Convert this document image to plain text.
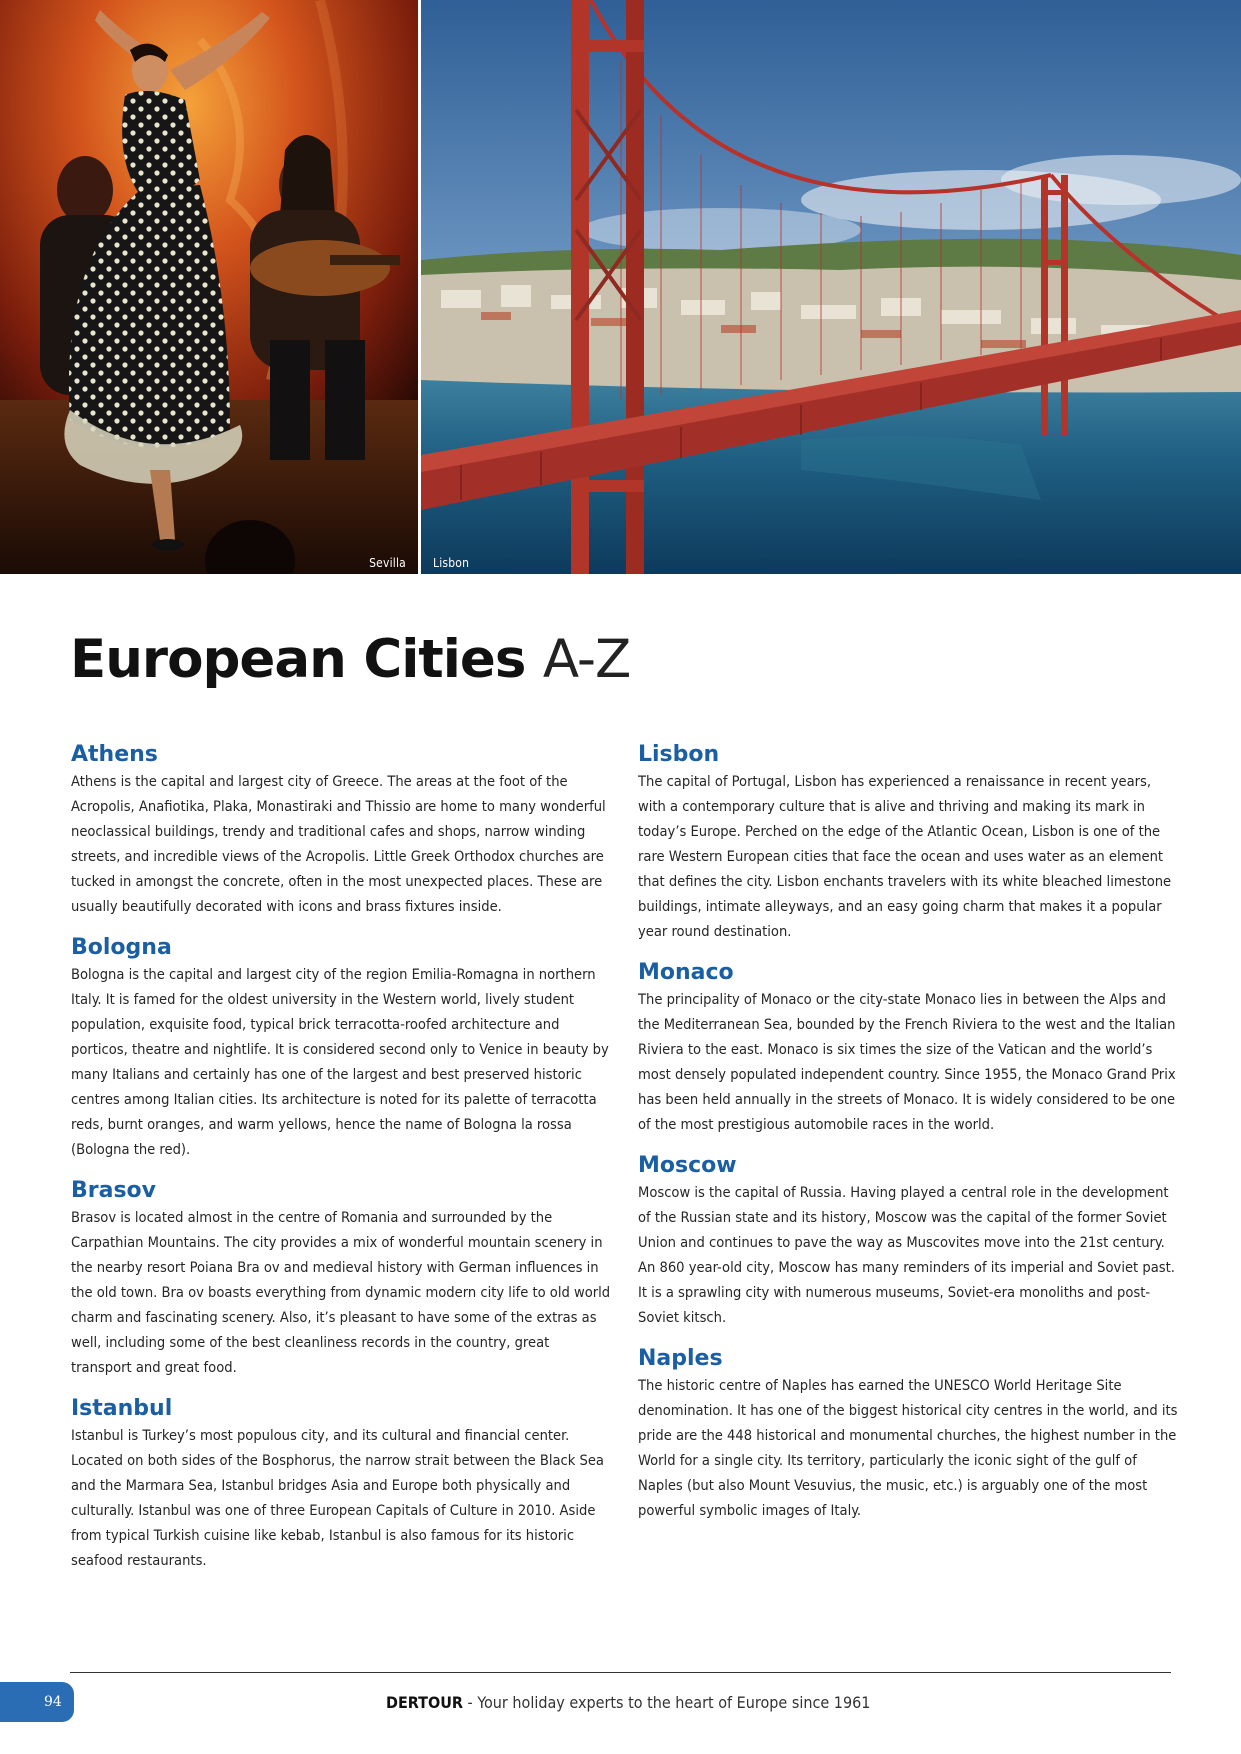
Sevilla Lisbon
European Cities A-Z
Athens

Athens is the capital and largest city of Greece. The areas at the foot of the Acropolis, Anafiotika, Plaka, Monastiraki and Thissio are home to many wonderful neoclassical buildings, trendy and traditional cafes and shops, narrow winding streets, and incredible views of the Acropolis. Little Greek Orthodox churches are tucked in amongst the concrete, often in the most unexpected places. These are usually beautifully decorated with icons and brass fixtures inside.

Bologna

Bologna is the capital and largest city of the region Emilia-Romagna in northern Italy. It is famed for the oldest university in the Western world, lively student population, exquisite food, typical brick terracotta-roofed architecture and porticos, theatre and nightlife. It is considered second only to Venice in beauty by many Italians and certainly has one of the largest and best preserved historic centres among Italian cities. Its architecture is noted for its palette of terracotta reds, burnt oranges, and warm yellows, hence the name of Bologna la rossa (Bologna the red).

Brasov

Brasov is located almost in the centre of Romania and surrounded by the Carpathian Mountains. The city provides a mix of wonderful mountain scenery in the nearby resort Poiana Bra ov and medieval history with German influences in the old town. Bra ov boasts everything from dynamic modern city life to old world charm and fascinating scenery. Also, it’s pleasant to have some of the extras as well, including some of the best cleanliness records in the country, great transport and great food.

Istanbul

Istanbul is Turkey’s most populous city, and its cultural and financial center. Located on both sides of the Bosphorus, the narrow strait between the Black Sea and the Marmara Sea, Istanbul bridges Asia and Europe both physically and culturally. Istanbul was one of three European Capitals of Culture in 2010. Aside from typical Turkish cuisine like kebab, Istanbul is also famous for its historic seafood restaurants.

Lisbon

The capital of Portugal, Lisbon has experienced a renaissance in recent years, with a contemporary culture that is alive and thriving and making its mark in today’s Europe. Perched on the edge of the Atlantic Ocean, Lisbon is one of the rare Western European cities that face the ocean and uses water as an element that defines the city. Lisbon enchants travelers with its white bleached limestone buildings, intimate alleyways, and an easy going charm that makes it a popular year round destination.

Monaco

The principality of Monaco or the city-state Monaco lies in between the Alps and the Mediterranean Sea, bounded by the French Riviera to the west and the Italian Riviera to the east. Monaco is six times the size of the Vatican and the world’s most densely populated independent country. Since 1955, the Monaco Grand Prix has been held annually in the streets of Monaco. It is widely considered to be one of the most prestigious automobile races in the world.

Moscow

Moscow is the capital of Russia. Having played a central role in the development of the Russian state and its history, Moscow was the capital of the former Soviet Union and continues to pave the way as Muscovites move into the 21st century. An 860 year-old city, Moscow has many reminders of its imperial and Soviet past. It is a sprawling city with numerous museums, Soviet-era monoliths and post-Soviet kitsch.

Naples

The historic centre of Naples has earned the UNESCO World Heritage Site denomination. It has one of the biggest historical city centres in the world, and its pride are the 448 historical and monumental churches, the highest number in the World for a single city. Its territory, particularly the iconic sight of the gulf of Naples (but also Mount Vesuvius, the music, etc.) is arguably one of the most powerful symbolic images of Italy.

94	DERTOUR - Your holiday experts to the heart of Europe since 1961
